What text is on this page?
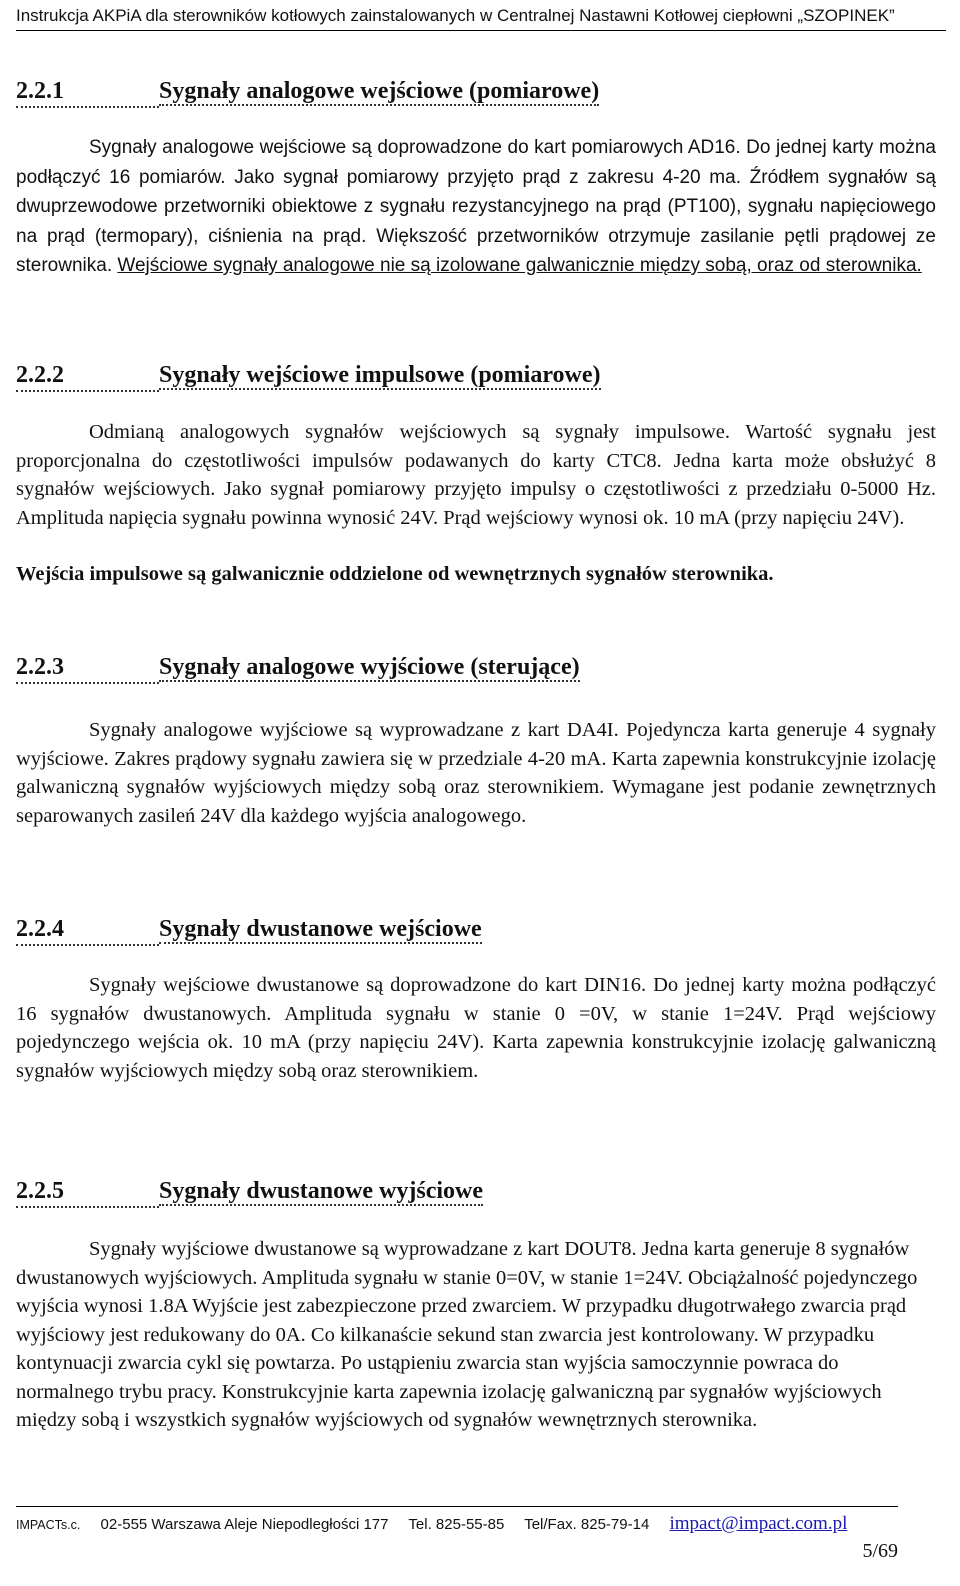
Instrukcja AKPiA dla sterowników kotłowych zainstalowanych w Centralnej Nastawni Kotłowej ciepłowni „SZOPINEK”
2.2.1	Sygnały analogowe wejściowe (pomiarowe)

Sygnały analogowe wejściowe są doprowadzone do kart pomiarowych AD16. Do jednej karty można podłączyć 16 pomiarów. Jako sygnał pomiarowy przyjęto prąd z zakresu 4-20 ma. Źródłem sygnałów są dwuprzewodowe przetworniki obiektowe z sygnału rezystancyjnego na prąd (PT100), sygnału napięciowego na prąd (termopary), ciśnienia na prąd. Większość przetworników otrzymuje zasilanie pętli prądowej ze sterownika. Wejściowe sygnały analogowe nie są izolowane galwanicznie między sobą, oraz od sterownika.

2.2.2	Sygnały wejściowe impulsowe (pomiarowe)

Odmianą analogowych sygnałów wejściowych są sygnały impulsowe. Wartość sygnału jest proporcjonalna do częstotliwości impulsów podawanych do karty CTC8. Jedna karta może obsłużyć 8 sygnałów wejściowych. Jako sygnał pomiarowy przyjęto impulsy o częstotliwości z przedziału 0-5000 Hz. Amplituda napięcia sygnału powinna wynosić 24V. Prąd wejściowy wynosi ok. 10 mA (przy napięciu 24V).

Wejścia impulsowe są galwanicznie oddzielone od wewnętrznych sygnałów sterownika.
2.2.3	Sygnały analogowe wyjściowe (sterujące)

Sygnały analogowe wyjściowe są wyprowadzane z kart DA4I. Pojedyncza karta generuje 4 sygnały wyjściowe. Zakres prądowy sygnału zawiera się w przedziale 4-20 mA. Karta zapewnia konstrukcyjnie izolację galwaniczną sygnałów wyjściowych między sobą oraz sterownikiem. Wymagane jest podanie zewnętrznych separowanych zasileń 24V dla każdego wyjścia analogowego.

2.2.4	Sygnały dwustanowe wejściowe

Sygnały wejściowe dwustanowe są doprowadzone do kart DIN16. Do jednej karty można podłączyć 16 sygnałów dwustanowych. Amplituda sygnału w stanie 0 =0V, w stanie 1=24V. Prąd wejściowy pojedynczego wejścia ok. 10 mA (przy napięciu 24V). Karta zapewnia konstrukcyjnie izolację galwaniczną sygnałów wyjściowych między sobą oraz sterownikiem.

2.2.5	Sygnały dwustanowe wyjściowe

Sygnały wyjściowe dwustanowe są wyprowadzane z kart DOUT8. Jedna karta generuje 8 sygnałów dwustanowych wyjściowych. Amplituda sygnału w stanie 0=0V, w stanie 1=24V. Obciążalność pojedynczego wyjścia wynosi 1.8A Wyjście jest zabezpieczone przed zwarciem. W przypadku długotrwałego zwarcia prąd wyjściowy jest redukowany do 0A. Co kilkanaście sekund stan zwarcia jest kontrolowany. W przypadku kontynuacji zwarcia cykl się powtarza. Po ustąpieniu zwarcia stan wyjścia samoczynnie powraca do normalnego trybu pracy. Konstrukcyjnie karta zapewnia izolację galwaniczną par sygnałów wyjściowych między sobą i wszystkich sygnałów wyjściowych od sygnałów wewnętrznych sterownika.

IMPACTs.c. 02-555 Warszawa Aleje Niepodległości 177 Tel. 825-55-85 Tel/Fax. 825-79-14 impact@impact.com.pl
5/69
